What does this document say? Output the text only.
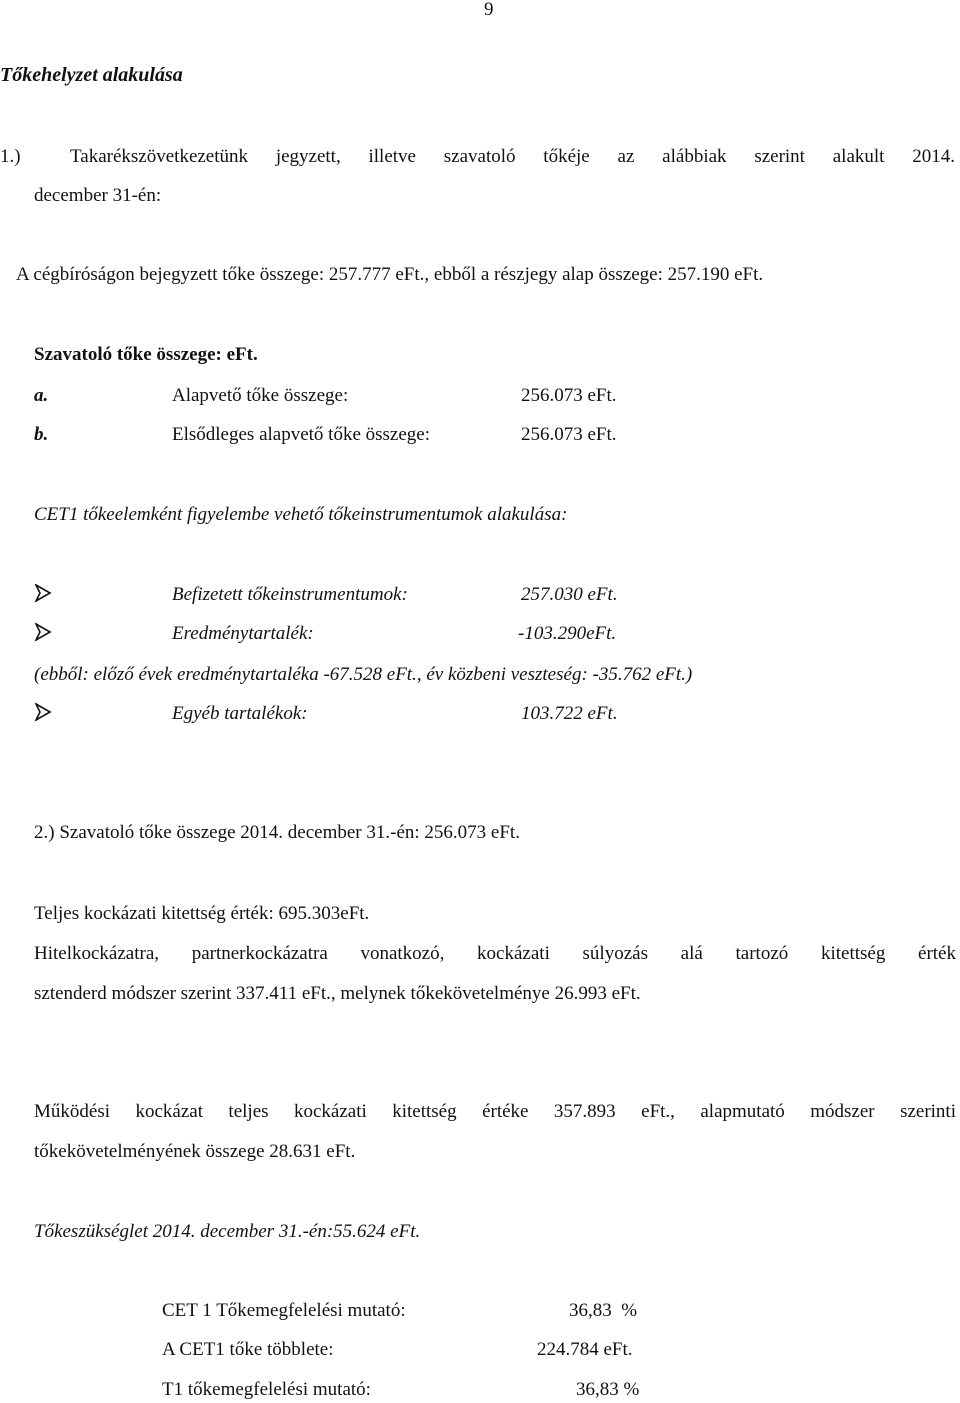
9
Tőkehelyzet alakulása
1.)	Takarékszövetkezetünk jegyzett, illetve szavatoló tőkéje az alábbiak szerint alakult 2014.
december 31-én:
A cégbíróságon bejegyzett tőke összege: 257.777 eFt., ebből a részjegy alap összege: 257.190 eFt.
Szavatoló tőke összege: eFt.
a.	Alapvető tőke összege:	256.073 eFt.
b.	Elsődleges alapvető tőke összege:	256.073 eFt.
CET1 tőkeelemként figyelembe vehető tőkeinstrumentumok alakulása:
Befizetett tőkeinstrumentumok:	257.030 eFt.
Eredménytartalék:	-103.290eFt.
(ebből: előző évek eredménytartaléka -67.528 eFt., év közbeni veszteség: -35.762 eFt.)
Egyéb tartalékok:	103.722 eFt.
2.) Szavatoló tőke összege 2014. december 31.-én: 256.073 eFt.
Teljes kockázati kitettség érték: 695.303eFt.
Hitelkockázatra, partnerkockázatra vonatkozó, kockázati súlyozás alá tartozó kitettség érték
sztenderd módszer szerint 337.411 eFt., melynek tőkekövetelménye 26.993 eFt.
Működési kockázat teljes kockázati kitettség értéke 357.893 eFt., alapmutató módszer szerinti
tőkekövetelményének összege 28.631 eFt.
Tőkeszükséglet 2014. december 31.-én:55.624 eFt.
CET 1 Tőkemegfelelési mutató:	36,83  %
A CET1 tőke többlete:	224.784 eFt.
T1 tőkemegfelelési mutató:	36,83 %
